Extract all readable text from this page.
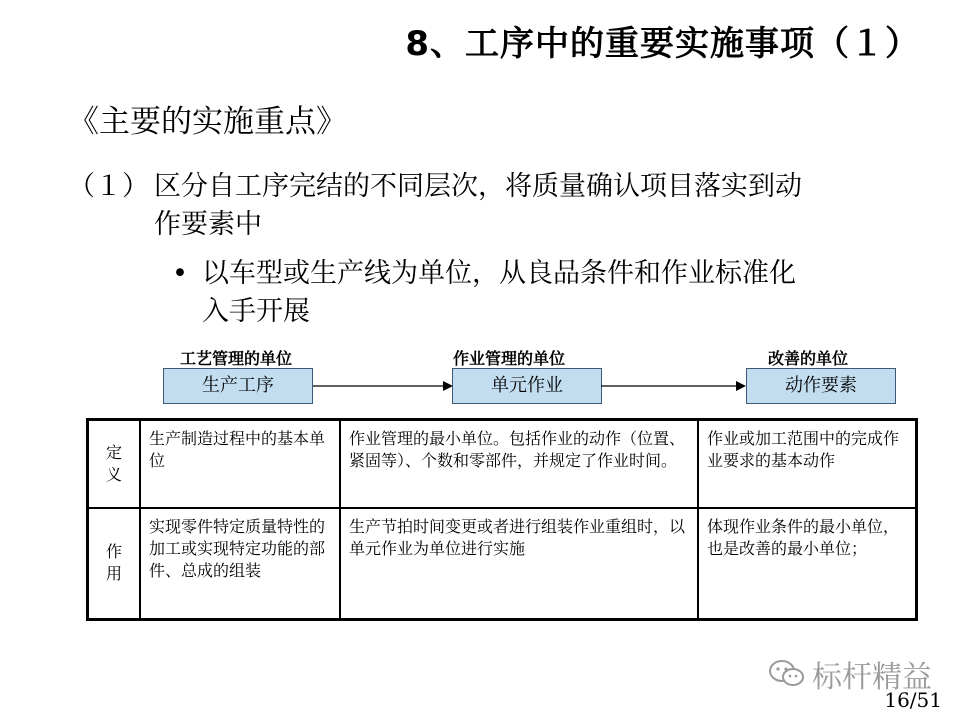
8、工序中的重要实施事项（１）
《主要的实施重点》
（１） 区分自工序完结的不同层次，将质量确认项目落实到动
作要素中
• 以车型或生产线为单位，从良品条件和作业标准化
入手开展
工艺管理的单位	作业管理的单位	改善的单位
生产工序	单元作业	动作要素
定义	生产制造过程中的基本单位	作业管理的最小单位。包括作业的动作（位置、紧固等）、个数和零部件，并规定了作业时间。	作业或加工范围中的完成作业要求的基本动作
作用	实现零件特定质量特性的加工或实现特定功能的部件、总成的组装	生产节拍时间变更或者进行组装作业重组时，以单元作业为单位进行实施	体现作业条件的最小单位，也是改善的最小单位；
标杆精益
16/51
